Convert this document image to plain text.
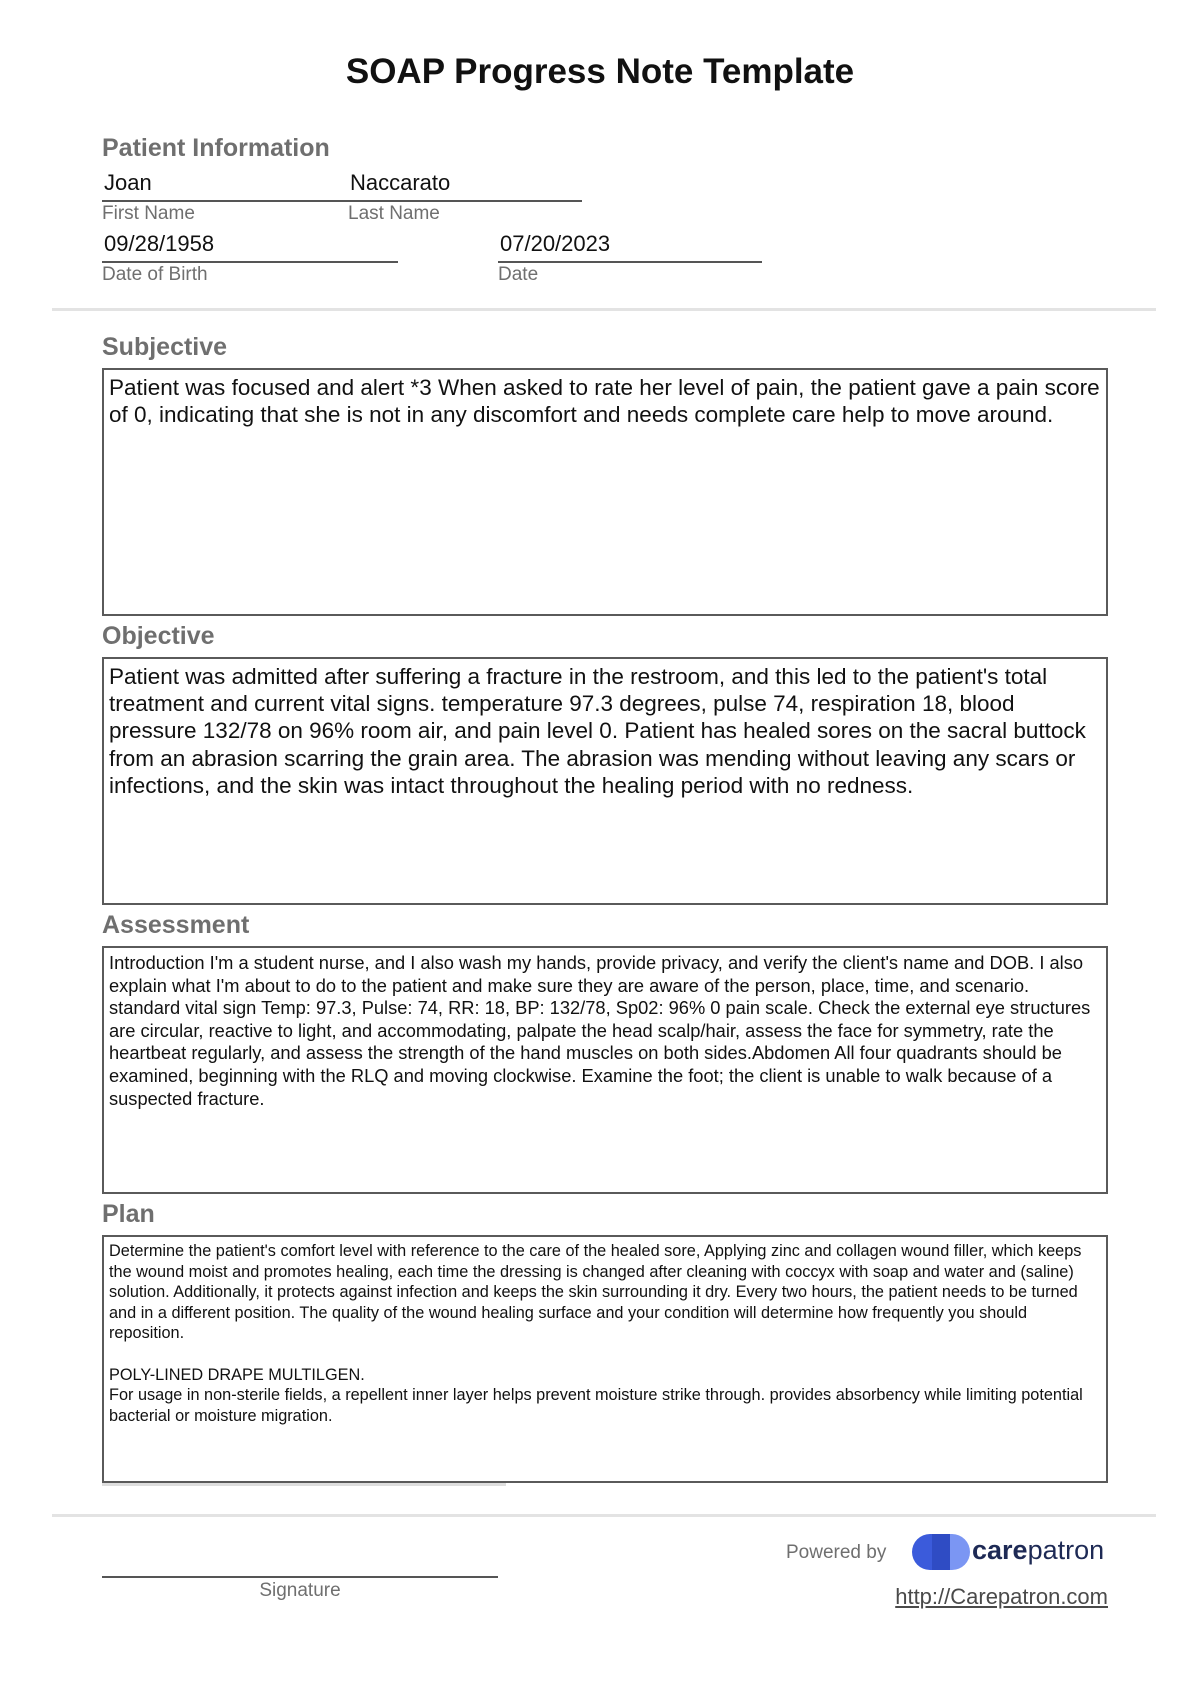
SOAP Progress Note Template
Patient Information
Joan	Naccarato
First Name	Last Name
09/28/1958
Date of Birth
07/20/2023
Date
Subjective

Patient was focused and alert *3 When asked to rate her level of pain, the patient gave a pain score of 0, indicating that she is not in any discomfort and needs complete care help to move around.

Objective

Patient was admitted after suffering a fracture in the restroom, and this led to the patient's total treatment and current vital signs. temperature 97.3 degrees, pulse 74, respiration 18, blood pressure 132/78 on 96% room air, and pain level 0. Patient has healed sores on the sacral buttock from an abrasion scarring the grain area. The abrasion was mending without leaving any scars or infections, and the skin was intact throughout the healing period with no redness.

Assessment

Introduction I'm a student nurse, and I also wash my hands, provide privacy, and verify the client's name and DOB. I also explain what I'm about to do to the patient and make sure they are aware of the person, place, time, and scenario. standard vital sign Temp: 97.3, Pulse: 74, RR: 18, BP: 132/78, Sp02: 96% 0 pain scale. Check the external eye structures are circular, reactive to light, and accommodating, palpate the head scalp/hair, assess the face for symmetry, rate the heartbeat regularly, and assess the strength of the hand muscles on both sides.Abdomen All four quadrants should be examined, beginning with the RLQ and moving clockwise. Examine the foot; the client is unable to walk because of a suspected fracture.

Plan

Determine the patient's comfort level with reference to the care of the healed sore, Applying zinc and collagen wound filler, which keeps the wound moist and promotes healing, each time the dressing is changed after cleaning with coccyx with soap and water and (saline) solution. Additionally, it protects against infection and keeps the skin surrounding it dry. Every two hours, the patient needs to be turned and in a different position. The quality of the wound healing surface and your condition will determine how frequently you should reposition.

POLY-LINED DRAPE MULTILGEN.

For usage in non-sterile fields, a repellent inner layer helps prevent moisture strike through. provides absorbency while limiting potential bacterial or moisture migration.

Signature
Powered by	carepatron
http://Carepatron.com
